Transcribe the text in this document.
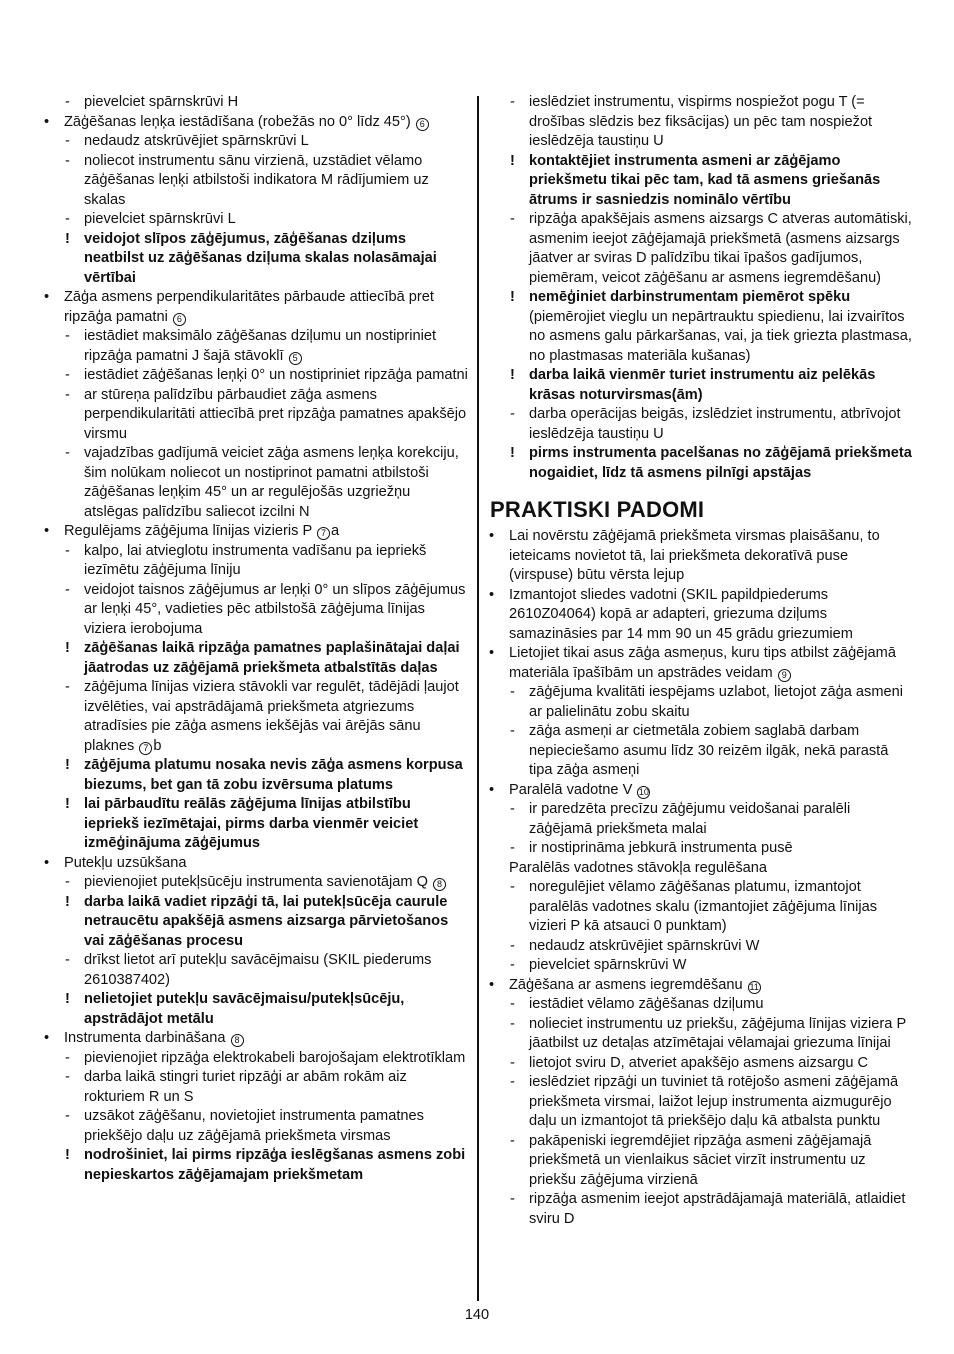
- pievelciet spārnskrūvi H
• Zāģēšanas leņķa iestādīšana (robežās no 0° līdz 45°) 6
- nedaudz atskrūvējiet spārnskrūvi L
- noliecot instrumentu sānu virzienā, uzstādiet vēlamo zāģēšanas leņķi atbilstoši indikatora M rādījumiem uz skalas
- pievelciet spārnskrūvi L
! veidojot slīpos zāģējumus, zāģēšanas dziļums neatbilst uz zāģēšanas dziļuma skalas nolasāmajai vērtībai
• Zāģa asmens perpendikularitātes pārbaude attiecībā pret ripzāģa pamatni 6
- iestādiet maksimālo zāģēšanas dziļumu un nostipriniet ripzāģa pamatni J šajā stāvoklī 5
- iestādiet zāģēšanas leņķi 0° un nostipriniet ripzāģa pamatni
- ar stūreņa palīdzību pārbaudiet zāģa asmens perpendikularitāti attiecībā pret ripzāģa pamatnes apakšējo virsmu
- vajadzības gadījumā veiciet zāģa asmens leņķa korekciju, šim nolūkam noliecot un nostiprinot pamatni atbilstoši zāģēšanas leņķim 45° un ar regulējošās uzgriežņu atslēgas palīdzību saliecot izcilni N
• Regulējams zāģējuma līnijas vizieris P 7 a
- kalpo, lai atvieglotu instrumenta vadīšanu pa iepriekš iezīmētu zāģējuma līniju
- veidojot taisnos zāģējumus ar leņķi 0° un slīpos zāģējumus ar leņķi 45°, vadieties pēc atbilstošā zāģējuma līnijas viziera ierobojuma
! zāģēšanas laikā ripzāģa pamatnes paplašinātajai daļai jāatrodas uz zāģējamā priekšmeta atbalstītās daļas
- zāģējuma līnijas viziera stāvokli var regulēt, tādējādi ļaujot izvēlēties, vai apstrādājamā priekšmeta atgriezums atradīsies pie zāģa asmens iekšējās vai ārējās sānu plaknes 7 b
! zāģējuma platumu nosaka nevis zāģa asmens korpusa biezums, bet gan tā zobu izvērsuma platums
! lai pārbaudītu reālās zāģējuma līnijas atbilstību iepriekš iezīmētajai, pirms darba vienmēr veiciet izmēģinājuma zāģējumus
• Putekļu uzsūkšana
- pievienojiet putekļsūcēju instrumenta savienotājam Q 8
! darba laikā vadiet ripzāģi tā, lai putekļsūcēja caurule netraucētu apakšējā asmens aizsarga pārvietošanos vai zāģēšanas procesu
- drīkst lietot arī putekļu savācējmaisu (SKIL piederums 2610387402)
! nelietojiet putekļu savācējmaisu/putekļsūcēju, apstrādājot metālu
• Instrumenta darbināšana 8
- pievienojiet ripzāģa elektrokabeli barojošajam elektrotīklam
- darba laikā stingri turiet ripzāģi ar abām rokām aiz rokturiem R un S
- uzsākot zāģēšanu, novietojiet instrumenta pamatnes priekšējo daļu uz zāģējamā priekšmeta virsmas
! nodrošiniet, lai pirms ripzāģa ieslēgšanas asmens zobi nepieskartos zāģējamajam priekšmetam
- ieslēdziet instrumentu, vispirms nospiežot pogu T (= drošības slēdzis bez fiksācijas) un pēc tam nospiežot ieslēdzēja taustiņu U
! kontaktējiet instrumenta asmeni ar zāģējamo priekšmetu tikai pēc tam, kad tā asmens griešanās ātrums ir sasniedzis nominālo vērtību
- ripzāģa apakšējais asmens aizsargs C atveras automātiski, asmenim ieejot zāģējamajā priekšmetā (asmens aizsargs jāatver ar sviras D palīdzību tikai īpašos gadījumos, piemēram, veicot zāģēšanu ar asmens iegremdēšanu)
! nemēģiniet darbinstrumentam piemērot spēku (piemērojiet vieglu un nepārtrauktu spiedienu, lai izvairītos no asmens galu pārkaršanas, vai, ja tiek griezta plastmasa, no plastmasas materiāla kušanas)
! darba laikā vienmēr turiet instrumentu aiz pelēkās krāsas noturvirsmas(ām)
- darba operācijas beigās, izslēdziet instrumentu, atbrīvojot ieslēdzēja taustiņu U
! pirms instrumenta pacelšanas no zāģējamā priekšmeta nogaidiet, līdz tā asmens pilnīgi apstājas
PRAKTISKI PADOMI
• Lai novērstu zāģējamā priekšmeta virsmas plaisāšanu, to ieteicams novietot tā, lai priekšmeta dekoratīvā puse (virspuse) būtu vērsta lejup
• Izmantojot sliedes vadotni (SKIL papildpiederums 2610Z04064) kopā ar adapteri, griezuma dziļums samazināsies par 14 mm 90 un 45 grādu griezumiem
• Lietojiet tikai asus zāģa asmeņus, kuru tips atbilst zāģējamā materiāla īpašībām un apstrādes veidam 9
- zāģējuma kvalitāti iespējams uzlabot, lietojot zāģa asmeni ar palielinātu zobu skaitu
- zāģa asmeņi ar cietmetāla zobiem saglabā darbam nepieciešamo asumu līdz 30 reizēm ilgāk, nekā parastā tipa zāģa asmeņi
• Paralēlā vadotne V 10
- ir paredzēta precīzu zāģējumu veidošanai paralēli zāģējamā priekšmeta malai
- ir nostiprināma jebkurā instrumenta pusē
Paralēlās vadotnes stāvokļa regulēšana
- noregulējiet vēlamo zāģēšanas platumu, izmantojot paralēlās vadotnes skalu (izmantojiet zāģējuma līnijas vizieri P kā atsauci 0 punktam)
- nedaudz atskrūvējiet spārnskrūvi W
- pievelciet spārnskrūvi W
• Zāģēšana ar asmens iegremdēšanu 11
- iestādiet vēlamo zāģēšanas dziļumu
- nolieciet instrumentu uz priekšu, zāģējuma līnijas viziera P jāatbilst uz detaļas atzīmētajai vēlamajai griezuma līnijai
- lietojot sviru D, atveriet apakšējo asmens aizsargu C
- ieslēdziet ripzāģi un tuviniet tā rotējošo asmeni zāģējamā priekšmeta virsmai, laižot lejup instrumenta aizmugurējo daļu un izmantojot tā priekšējo daļu kā atbalsta punktu
- pakāpeniski iegremdējiet ripzāģa asmeni zāģējamajā priekšmetā un vienlaikus sāciet virzīt instrumentu uz priekšu zāģējuma virzienā
- ripzāģa asmenim ieejot apstrādājamajā materiālā, atlaidiet sviru D
140
